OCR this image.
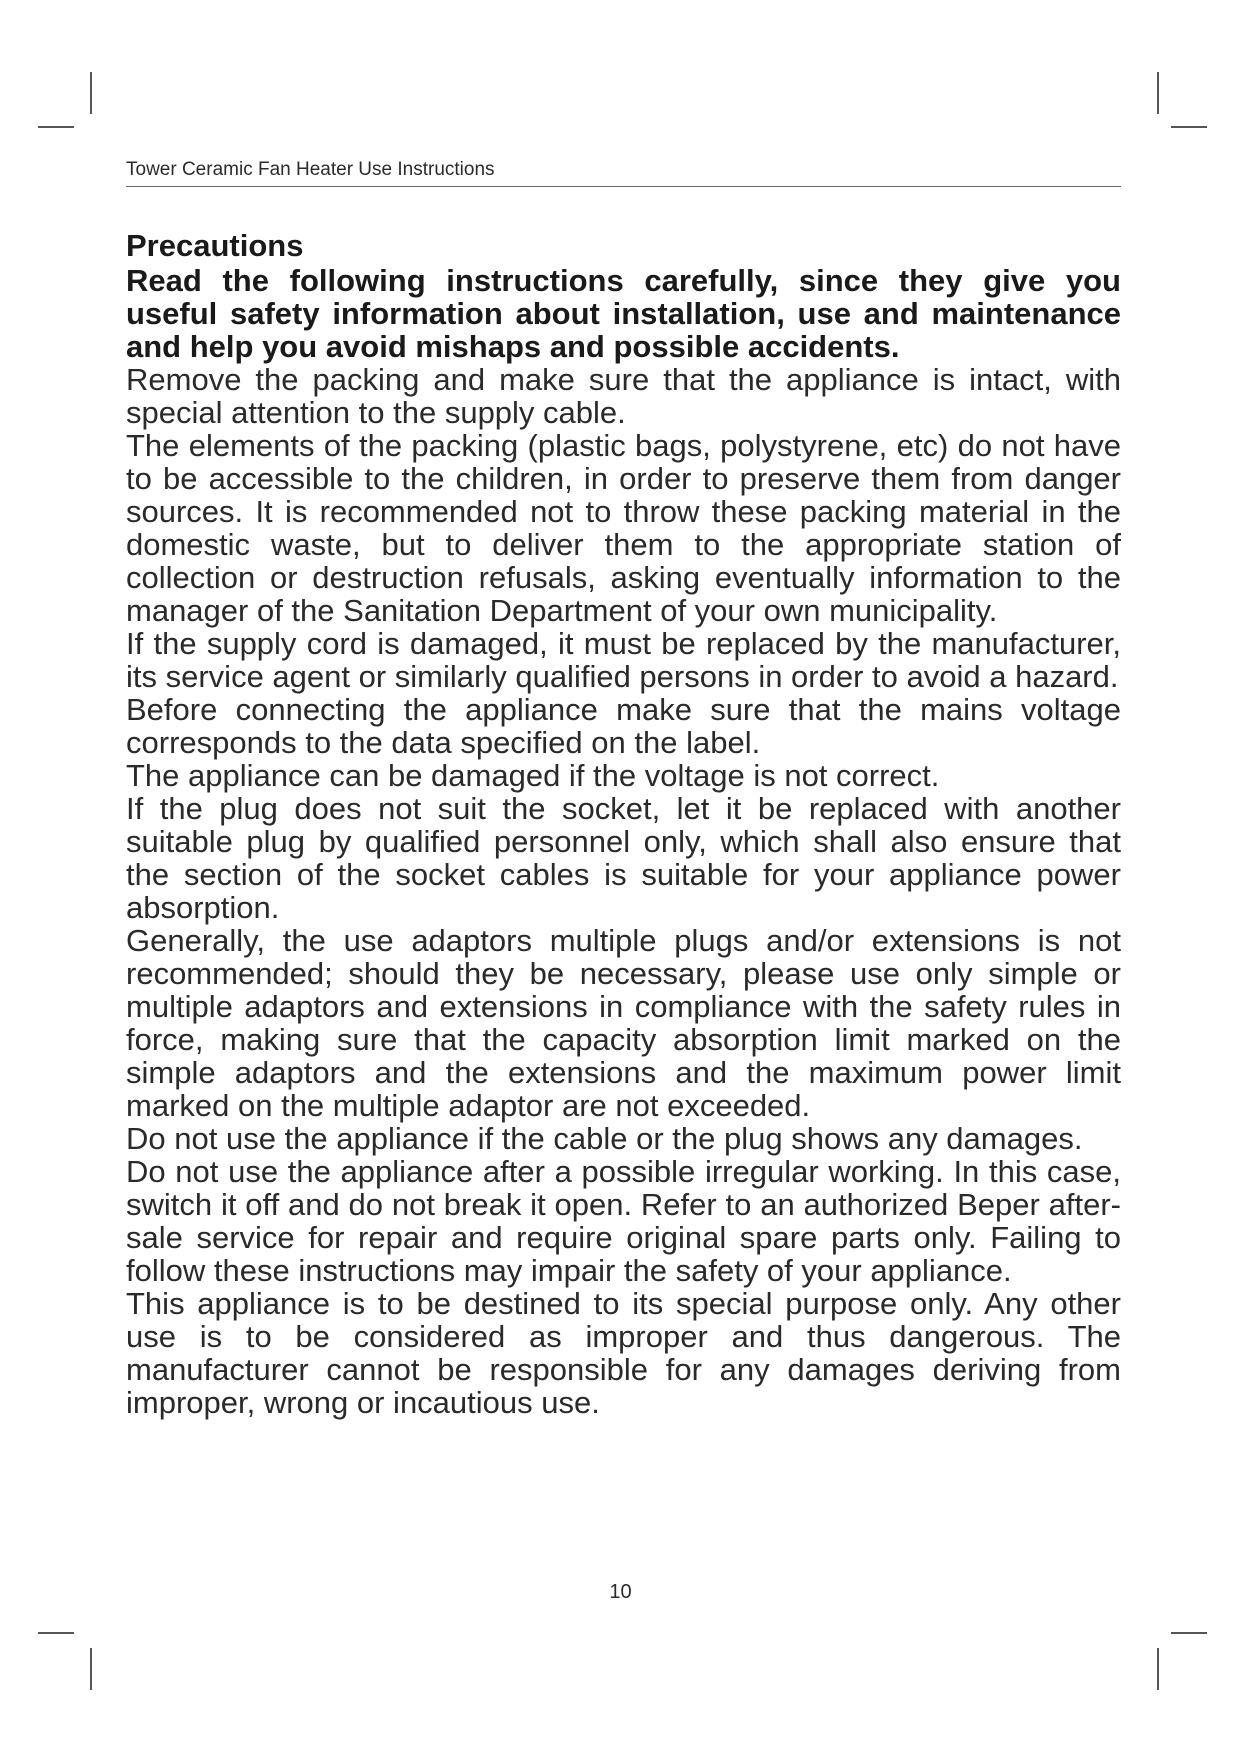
Tower Ceramic Fan Heater Use Instructions
Precautions

Read the following instructions carefully, since they give you useful safety information about installation, use and maintenance and help you avoid mishaps and possible accidents.

Remove the packing and make sure that the appliance is intact, with special attention to the supply cable.

The elements of the packing (plastic bags, polystyrene, etc) do not have to be accessible to the children, in order to preserve them from danger sources. It is recommended not to throw these packing material in the domestic waste, but to deliver them to the appropriate station of collection or destruction refusals, asking eventually information to the manager of the Sanitation Department of your own municipality.

If the supply cord is damaged, it must be replaced by the manufacturer, its service agent or similarly qualified persons in order to avoid a hazard.

Before connecting the appliance make sure that the mains voltage corresponds to the data specified on the label.

The appliance can be damaged if the voltage is not correct.

If the plug does not suit the socket, let it be replaced with another suitable plug by qualified personnel only, which shall also ensure that the section of the socket cables is suitable for your appliance power absorption.

Generally, the use adaptors multiple plugs and/or extensions is not recommended; should they be necessary, please use only simple or multiple adaptors and extensions in compliance with the safety rules in force, making sure that the capacity absorption limit marked on the simple adaptors and the extensions and the maximum power limit marked on the multiple adaptor are not exceeded.

Do not use the appliance if the cable or the plug shows any damages.

Do not use the appliance after a possible irregular working. In this case, switch it off and do not break it open. Refer to an authorized Beper after-sale service for repair and require original spare parts only. Failing to follow these instructions may impair the safety of your appliance.

This appliance is to be destined to its special purpose only. Any other use is to be considered as improper and thus dangerous. The manufacturer cannot be responsible for any damages deriving from improper, wrong or incautious use.

10
